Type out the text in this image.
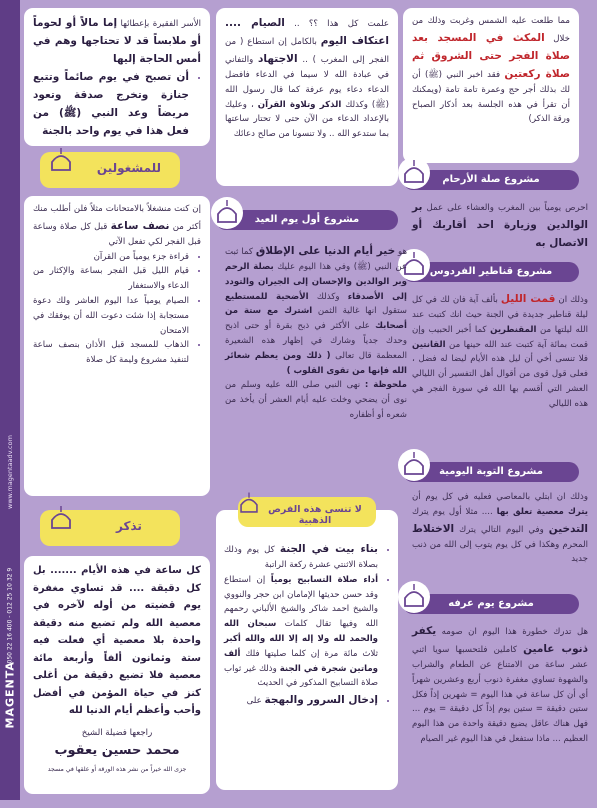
www.magentaadv.com
050 22 16 400 - 012 25 10 32 9
MAGENTA
مما طلعت عليه الشمس وغربت وذلك من خلال المكث في المسجد بعد صلاة الفجر حتى الشروق ثم صلاة ركعتين فقد اخبر النبي (ﷺ) أن لك بذلك أجر حج وعمرة تامة تامة (ويمكنك أن تقرأ في هذه الجلسة بعد أذكار الصباح ورقة الذكر)
مشروع صلة الأرحام
احرص يومياً بين المغرب والعشاء على عمل بر الوالدين وزيارة احد أقاربك أو الاتصال به
مشروع قناطير الفردوس
وذلك ان قمت الليل بألف آية فان لك في كل ليلة قناطير جديدة في الجنة حيث انك كتبت عند الله ليلتها من المقنطرين كما أخبر الحبيب وإن قمت بمائة آية كتبت عند الله حينها من القانتين فلا تنسى أخي أن ليل هذه الأيام ليضا له فضل ، فعلى قول قوى من أقوال أهل التفسير أن الليالي العشر التي أقسم بها الله في سورة الفجر هي هذه الليالي
مشروع التوبة اليومية
وذلك ان ابتلي بالمعاصي فعليه في كل يوم أن يترك معصية تعلق بها .... مثلا أول يوم يترك التدخين وفي اليوم التالي يترك الاختلاط المحرم وهكذا في كل يوم يتوب إلى الله من ذنب جديد
مشروع يوم عرفه
هل تدرك خطورة هذا اليوم ان صومه يكفر ذنوب عامين كاملين فلتحسبها سويا اثني عشر ساعة من الامتناع عن الطعام والشراب والشهوة تساوي مغفرة ذنوب أربع وعشرين شهراً أي أن كل ساعة في هذا اليوم = شهرين إذاً فكل ستين دقيقة = ستين يوم إذاً كل دقيقة = يوم ... فهل هناك عاقل يضيع دقيقة واحدة من هذا اليوم العظيم ... ماذا ستفعل في هذا اليوم غير الصيام
علمت كل هذا ؟؟ .. الصيام .... اعتكاف اليوم بالكامل إن استطاع ( من الفجر إلى المغرب ) .. الاجتهاد والتفاني في عبادة الله لا سيما في الدعاء فافضل الدعاء دعاء يوم عرفة كما قال رسول الله (ﷺ) وكذلك الذكر وتلاوة القرآن ، وعليك بالإعداد الدعاء من الآن حتى لا تحتار ساعتها بما ستدعو الله .. ولا تنسونا من صالح دعائك
مشروع أول يوم العيد
هو خير أيام الدنيا على الإطلاق كما ثبت عن النبي (ﷺ) وفي هذا اليوم عليك بصلة الرحم وبر الوالدين والإحسان إلى الجيران والتودد إلى الأصدقاء وكذلك الأضحية للمستطيع ستقول انها غالية الثمن اشترك مع ستة من أصحابك على الأكثر في ذبح بقرة أو حتى اذبح وحدك جدياً وشارك في إظهار هذه الشعيرة المعظمة قال تعالى ( ذلك ومن يعظم شعائر الله فإنها من تقوى القلوب )
ملحوظة : نهى النبي صلى الله عليه وسلم من نوى أن يضحي وخلت عليه أيام العشر أن يأخذ من شعره أو أظفاره
• بناء بيت في الجنة كل يوم وذلك بصلاة الاثنتي عشرة ركعة الراتبة
• أداء صلاة التسابيح يومياً إن استطاع وقد حسن حديثها الإمامان ابن حجر والنووي والشيخ احمد شاكر والشيخ الألباني رحمهم الله وفيها تقال كلمات سبحان الله والحمد لله ولا إله إلا الله والله أكبر ثلاث مائة مرة إن كلما صليتها فلك ألف وماتين شجرة في الجنة وذلك غير ثواب صلاة التسابيح المذكور في الحديث
• إدخال السرور والبهجة على
لا تنسى هذه الفرص الذهبية
الأسر الفقيرة بإعطائها إما مالاً أو لحوماً أو ملابساً قد لا تحتاجها وهم في أمس الحاجة إليها
• أن تصبح في يوم صائماً وتتبع جنازة وتخرج صدقة وتعود مريضاً وعد النبي (ﷺ) من فعل هذا في يوم واحد بالجنة
للمشغولين
إن كنت منشغلاً بالامتحانات مثلاً فلن أطلب منك أكثر من نصف ساعة قبل كل صلاة وساعة قبل الفجر لكي تفعل الآتي
• قراءة جزء يومياً من القرآن
• قيام الليل قبل الفجر بساعة والإكثار من الدعاء والاستغفار
• الصيام يومياً عدا اليوم العاشر ولك دعوة مستجابة إذا شئت دعوت الله أن يوفقك في الامتحان
• الذهاب للمسجد قبل الأذان بنصف ساعة لتنفيذ مشروع وليمة كل صلاة
تذكر
كل ساعة في هذه الأيام ....... بل كل دقيقة .... قد تساوي مغفرة يوم قضيته من أوله لآخره في معصية الله ولم تضيع منه دقيقة واحدة بلا معصية أي فعلت فيه ستة وثمانون ألفاً وأربعة مائة معصية فلا تضيع دقيقة من أغلى كنز في حياة المؤمن في أفضل وأحب وأعظم أيام الدنيا لله
راجعها فضيلة الشيخ
محمد حسين يعقوب
جزى الله خيراً من نشر هذه الورقة أو علقها في مسجد
